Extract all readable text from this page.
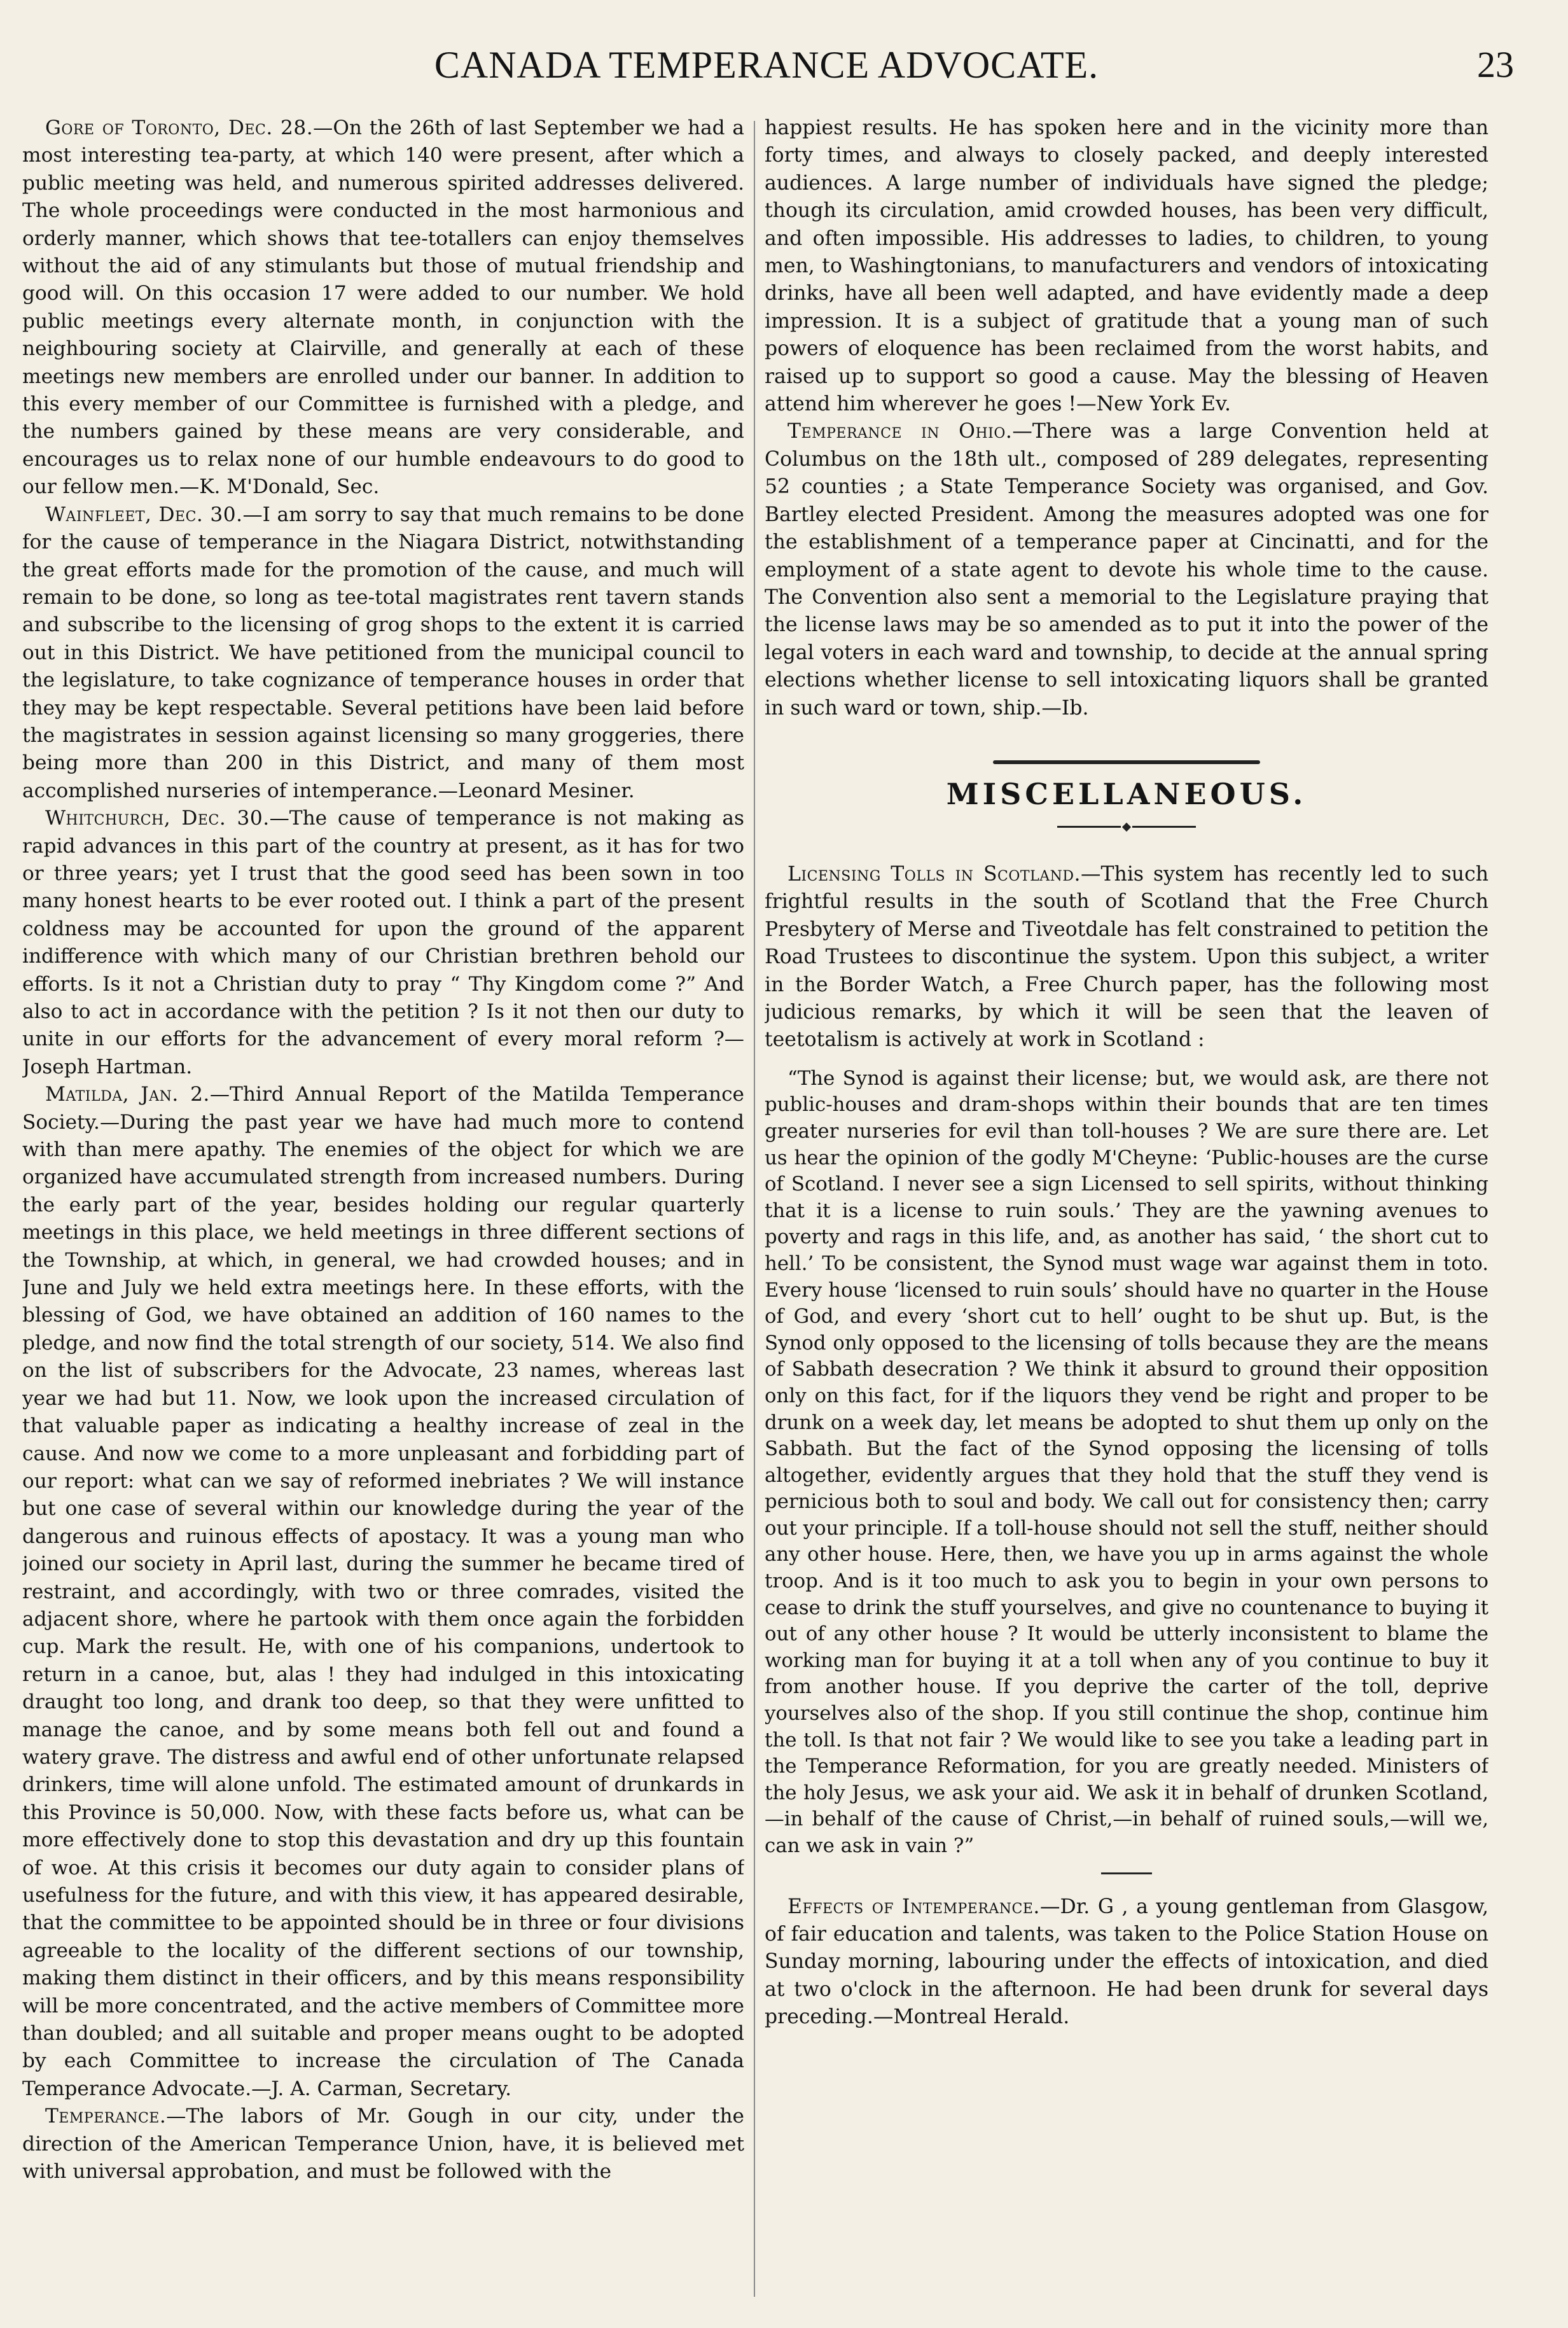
CANADA TEMPERANCE ADVOCATE.	23

Gore of Toronto, Dec. 28.—On the 26th of last September we had a most interesting tea-party, at which 140 were present, after which a public meeting was held, and numerous spirited addresses delivered. The whole proceedings were conducted in the most harmonious and orderly manner, which shows that tee-totallers can enjoy themselves without the aid of any stimulants but those of mutual friendship and good will. On this occasion 17 were added to our number. We hold public meetings every alternate month, in conjunction with the neighbouring society at Clairville, and generally at each of these meetings new members are enrolled under our banner. In addition to this every member of our Committee is furnished with a pledge, and the numbers gained by these means are very considerable, and encourages us to relax none of our humble endeavours to do good to our fellow men.—K. M'Donald, Sec.

Wainfleet, Dec. 30.—I am sorry to say that much remains to be done for the cause of temperance in the Niagara District, notwithstanding the great efforts made for the promotion of the cause, and much will remain to be done, so long as tee-total magistrates rent tavern stands and subscribe to the licensing of grog shops to the extent it is carried out in this District. We have petitioned from the municipal council to the legislature, to take cognizance of temperance houses in order that they may be kept respectable. Several petitions have been laid before the magistrates in session against licensing so many groggeries, there being more than 200 in this District, and many of them most accomplished nurseries of intemperance.—Leonard Mesiner.

Whitchurch, Dec. 30.—The cause of temperance is not making as rapid advances in this part of the country at present, as it has for two or three years; yet I trust that the good seed has been sown in too many honest hearts to be ever rooted out. I think a part of the present coldness may be accounted for upon the ground of the apparent indifference with which many of our Christian brethren behold our efforts. Is it not a Christian duty to pray “ Thy Kingdom come ?” And also to act in accordance with the petition ? Is it not then our duty to unite in our efforts for the advancement of every moral reform ?—Joseph Hartman.

Matilda, Jan. 2.—Third Annual Report of the Matilda Temperance Society.—During the past year we have had much more to contend with than mere apathy. The enemies of the object for which we are organized have accumulated strength from increased numbers. During the early part of the year, besides holding our regular quarterly meetings in this place, we held meetings in three different sections of the Township, at which, in general, we had crowded houses; and in June and July we held extra meetings here. In these efforts, with the blessing of God, we have obtained an addition of 160 names to the pledge, and now find the total strength of our society, 514. We also find on the list of subscribers for the Advocate, 23 names, whereas last year we had but 11. Now, we look upon the increased circulation of that valuable paper as indicating a healthy increase of zeal in the cause. And now we come to a more unpleasant and forbidding part of our report: what can we say of reformed inebriates ? We will instance but one case of several within our knowledge during the year of the dangerous and ruinous effects of apostacy. It was a young man who joined our society in April last, during the summer he became tired of restraint, and accordingly, with two or three comrades, visited the adjacent shore, where he partook with them once again the forbidden cup. Mark the result. He, with one of his companions, undertook to return in a canoe, but, alas ! they had indulged in this intoxicating draught too long, and drank too deep, so that they were unfitted to manage the canoe, and by some means both fell out and found a watery grave. The distress and awful end of other unfortunate relapsed drinkers, time will alone unfold. The estimated amount of drunkards in this Province is 50,000. Now, with these facts before us, what can be more effectively done to stop this devastation and dry up this fountain of woe. At this crisis it becomes our duty again to consider plans of usefulness for the future, and with this view, it has appeared desirable, that the committee to be appointed should be in three or four divisions agreeable to the locality of the different sections of our township, making them distinct in their officers, and by this means responsibility will be more concentrated, and the active members of Committee more than doubled; and all suitable and proper means ought to be adopted by each Committee to increase the circulation of The Canada Temperance Advocate.—J. A. Carman, Secretary.

Temperance.—The labors of Mr. Gough in our city, under the direction of the American Temperance Union, have, it is believed met with universal approbation, and must be followed with the

happiest results. He has spoken here and in the vicinity more than forty times, and always to closely packed, and deeply interested audiences. A large number of individuals have signed the pledge; though its circulation, amid crowded houses, has been very difficult, and often impossible. His addresses to ladies, to children, to young men, to Washingtonians, to manufacturers and vendors of intoxicating drinks, have all been well adapted, and have evidently made a deep impression. It is a subject of gratitude that a young man of such powers of eloquence has been reclaimed from the worst habits, and raised up to support so good a cause. May the blessing of Heaven attend him wherever he goes !—New York Ev.

Temperance in Ohio.—There was a large Convention held at Columbus on the 18th ult., composed of 289 delegates, representing 52 counties ; a State Temperance Society was organised, and Gov. Bartley elected President. Among the measures adopted was one for the establishment of a temperance paper at Cincinatti, and for the employment of a state agent to devote his whole time to the cause. The Convention also sent a memorial to the Legislature praying that the license laws may be so amended as to put it into the power of the legal voters in each ward and township, to decide at the annual spring elections whether license to sell intoxicating liquors shall be granted in such ward or town, ship.—Ib.

MISCELLANEOUS.

Licensing Tolls in Scotland.—This system has recently led to such frightful results in the south of Scotland that the Free Church Presbytery of Merse and Tiveotdale has felt constrained to petition the Road Trustees to discontinue the system. Upon this subject, a writer in the Border Watch, a Free Church paper, has the following most judicious remarks, by which it will be seen that the leaven of teetotalism is actively at work in Scotland :

“The Synod is against their license; but, we would ask, are there not public-houses and dram-shops within their bounds that are ten times greater nurseries for evil than toll-houses ? We are sure there are. Let us hear the opinion of the godly M'Cheyne: ‘Public-houses are the curse of Scotland. I never see a sign Licensed to sell spirits, without thinking that it is a license to ruin souls.’ They are the yawning avenues to poverty and rags in this life, and, as another has said, ‘ the short cut to hell.’ To be consistent, the Synod must wage war against them in toto. Every house ‘licensed to ruin souls’ should have no quarter in the House of God, and every ‘short cut to hell’ ought to be shut up. But, is the Synod only opposed to the licensing of tolls because they are the means of Sabbath desecration ? We think it absurd to ground their opposition only on this fact, for if the liquors they vend be right and proper to be drunk on a week day, let means be adopted to shut them up only on the Sabbath. But the fact of the Synod opposing the licensing of tolls altogether, evidently argues that they hold that the stuff they vend is pernicious both to soul and body. We call out for consistency then; carry out your principle. If a toll-house should not sell the stuff, neither should any other house. Here, then, we have you up in arms against the whole troop. And is it too much to ask you to begin in your own persons to cease to drink the stuff yourselves, and give no countenance to buying it out of any other house ? It would be utterly inconsistent to blame the working man for buying it at a toll when any of you continue to buy it from another house. If you deprive the carter of the toll, deprive yourselves also of the shop. If you still continue the shop, continue him the toll. Is that not fair ? We would like to see you take a leading part in the Temperance Reformation, for you are greatly needed. Ministers of the holy Jesus, we ask your aid. We ask it in behalf of drunken Scotland,—in behalf of the cause of Christ,—in behalf of ruined souls,—will we, can we ask in vain ?”

Effects of Intemperance.—Dr. G , a young gentleman from Glasgow, of fair education and talents, was taken to the Police Station House on Sunday morning, labouring under the effects of intoxication, and died at two o'clock in the afternoon. He had been drunk for several days preceding.—Montreal Herald.
